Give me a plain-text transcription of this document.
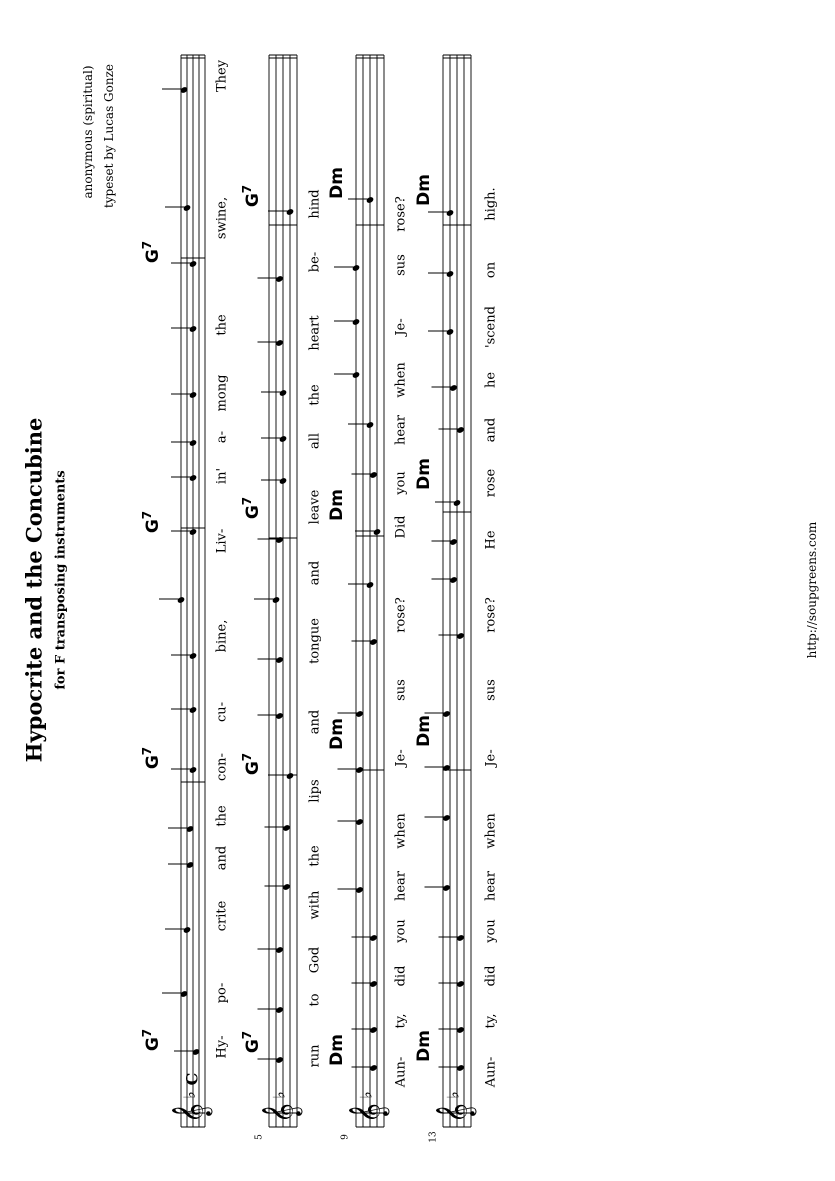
Hypocrite and the Concubine for F transposing instruments
anonymous (spiritual) typeset by Lucas Gonze
http://soupgreens.com
𝄞
♭
C
$G^7$
$G^7$
$G^7$
$G^7$
Hy-
po-
crite
and
the
con-
cu-
bine,
Liv-
in'
a-
mong
the
swine,
They
𝄞
♭
5
$G^7$
$G^7$
$G^7$
$G^7$
run
to
God
with
the
lips
and
tongue
and
leave
all
the
heart
be-
hind
𝄞
♭
9
Dm
Dm
Dm
Dm
Aun-
ty,
did
you
hear
when
Je-
sus
rose?
Did
you
hear
when
Je-
sus
rose?
𝄞
♭
13
Dm
Dm
Dm
Dm
Aun-
ty,
did
you
hear
when
Je-
sus
rose?
He
rose
and
he
'scend
on
high.
